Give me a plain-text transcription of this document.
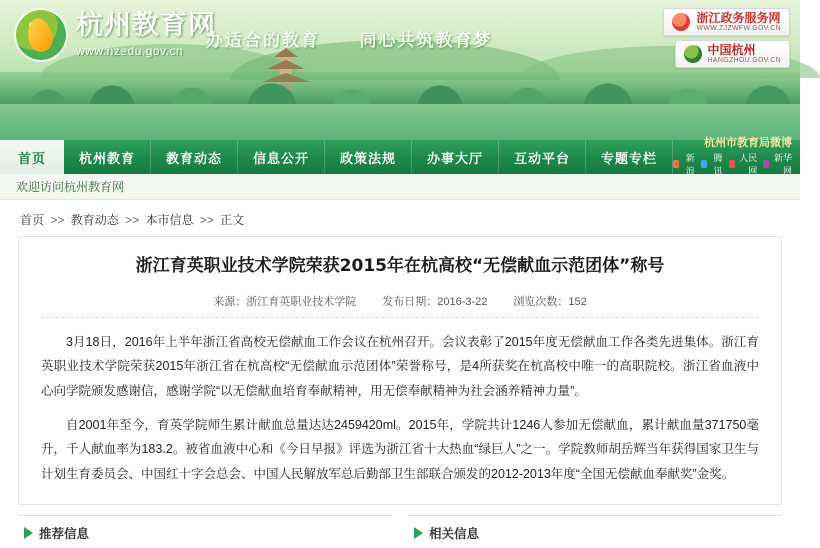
杭州教育网
www.hzedu.gov.cn
办适合的教育 同心共筑教育梦
浙江政务服务网
WWW.ZJZWFW.GOV.CN
中国杭州
HANGZHOU.GOV.CN
首页	杭州教育	教育动态	信息公开	政策法规	办事大厅	互动平台	专题专栏
杭州市教育局微博
新浪
腾讯
人民网
新华网
欢迎访问杭州教育网
首页 >> 教育动态 >> 本市信息 >> 正文
浙江育英职业技术学院荣获2015年在杭高校“无偿献血示范团体”称号
来源：浙江育英职业技术学院 发布日期：2016-3-22 浏览次数：152

3月18日，2016年上半年浙江省高校无偿献血工作会议在杭州召开。会议表彰了2015年度无偿献血工作各类先进集体。浙江育英职业技术学院荣获2015年浙江省在杭高校“无偿献血示范团体”荣誉称号，是4所获奖在杭高校中唯一的高职院校。浙江省血液中心向学院颁发感谢信，感谢学院“以无偿献血培育奉献精神，用无偿奉献精神为社会涵养精神力量”。

自2001年至今，育英学院师生累计献血总量达达2459420ml。2015年，学院共计1246人参加无偿献血，累计献血量371750毫升，千人献血率为183.2。被省血液中心和《今日早报》评选为浙江省十大热血“绿巨人”之一。学院教师胡岳辉当年获得国家卫生与计划生育委员会、中国红十字会总会、中国人民解放军总后勤部卫生部联合颁发的2012-2013年度“全国无偿献血奉献奖”金奖。

推荐信息	相关信息
